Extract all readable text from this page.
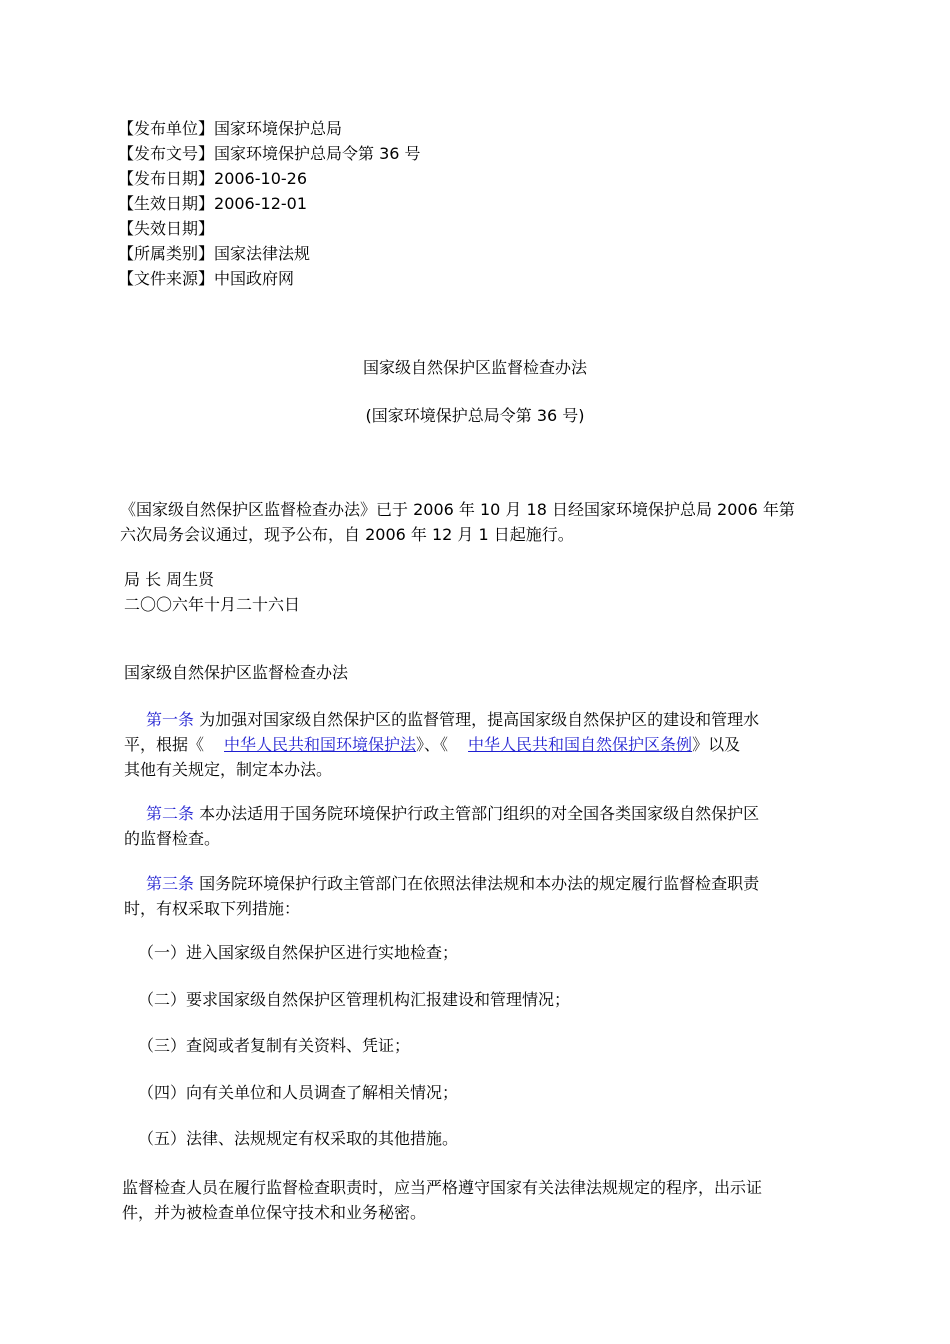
【发布单位】国家环境保护总局
【发布文号】国家环境保护总局令第 36 号
【发布日期】2006-10-26
【生效日期】2006-12-01
【失效日期】
【所属类别】国家法律法规
【文件来源】中国政府网
国家级自然保护区监督检查办法
(国家环境保护总局令第 36 号)
《国家级自然保护区监督检查办法》已于 2006 年 10 月 18 日经国家环境保护总局 2006 年第
六次局务会议通过，现予公布，自 2006 年 12 月 1 日起施行。
局 长 周生贤
二〇〇六年十月二十六日
国家级自然保护区监督检查办法
第一条 为加强对国家级自然保护区的监督管理，提高国家级自然保护区的建设和管理水
平，根据《 中华人民共和国环境保护法》、《 中华人民共和国自然保护区条例》以及
其他有关规定，制定本办法。
第二条 本办法适用于国务院环境保护行政主管部门组织的对全国各类国家级自然保护区
的监督检查。
第三条 国务院环境保护行政主管部门在依照法律法规和本办法的规定履行监督检查职责
时，有权采取下列措施：
（一）进入国家级自然保护区进行实地检查；
（二）要求国家级自然保护区管理机构汇报建设和管理情况；
（三）查阅或者复制有关资料、凭证；
（四）向有关单位和人员调查了解相关情况；
（五）法律、法规规定有权采取的其他措施。
监督检查人员在履行监督检查职责时，应当严格遵守国家有关法律法规规定的程序，出示证
件，并为被检查单位保守技术和业务秘密。
